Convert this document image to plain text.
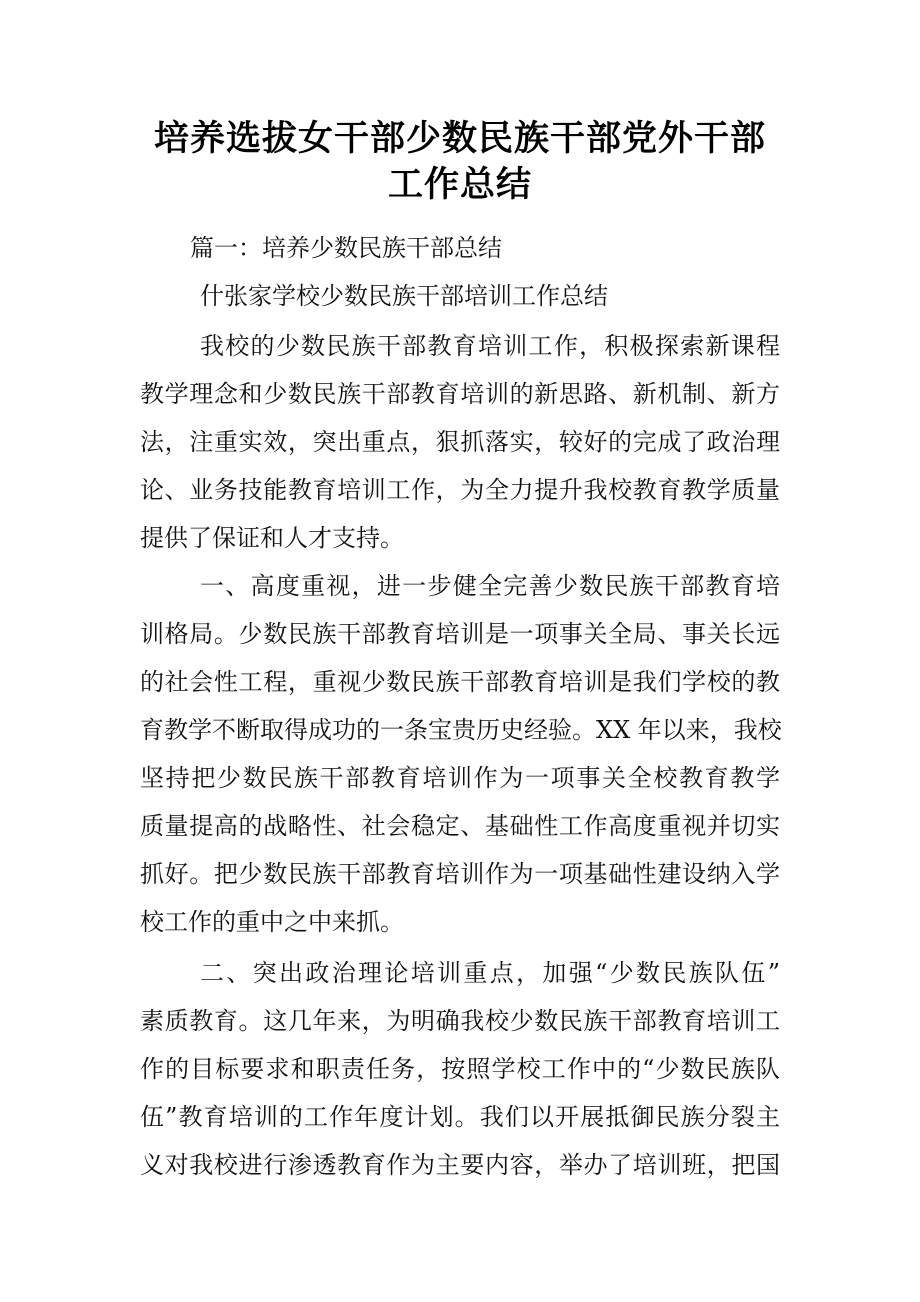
培养选拔女干部少数民族干部党外干部
工作总结
篇一：培养少数民族干部总结
什张家学校少数民族干部培训工作总结
我校的少数民族干部教育培训工作，积极探索新课程
教学理念和少数民族干部教育培训的新思路、新机制、新方
法，注重实效，突出重点，狠抓落实，较好的完成了政治理
论、业务技能教育培训工作，为全力提升我校教育教学质量
提供了保证和人才支持。
一、高度重视，进一步健全完善少数民族干部教育培
训格局。少数民族干部教育培训是一项事关全局、事关长远
的社会性工程，重视少数民族干部教育培训是我们学校的教
育教学不断取得成功的一条宝贵历史经验。XX 年以来，我校
坚持把少数民族干部教育培训作为一项事关全校教育教学
质量提高的战略性、社会稳定、基础性工作高度重视并切实
抓好。把少数民族干部教育培训作为一项基础性建设纳入学
校工作的重中之中来抓。
二、突出政治理论培训重点，加强“少数民族队伍”
素质教育。这几年来，为明确我校少数民族干部教育培训工
作的目标要求和职责任务，按照学校工作中的“少数民族队
伍”教育培训的工作年度计划。我们以开展抵御民族分裂主
义对我校进行渗透教育作为主要内容，举办了培训班，把国
